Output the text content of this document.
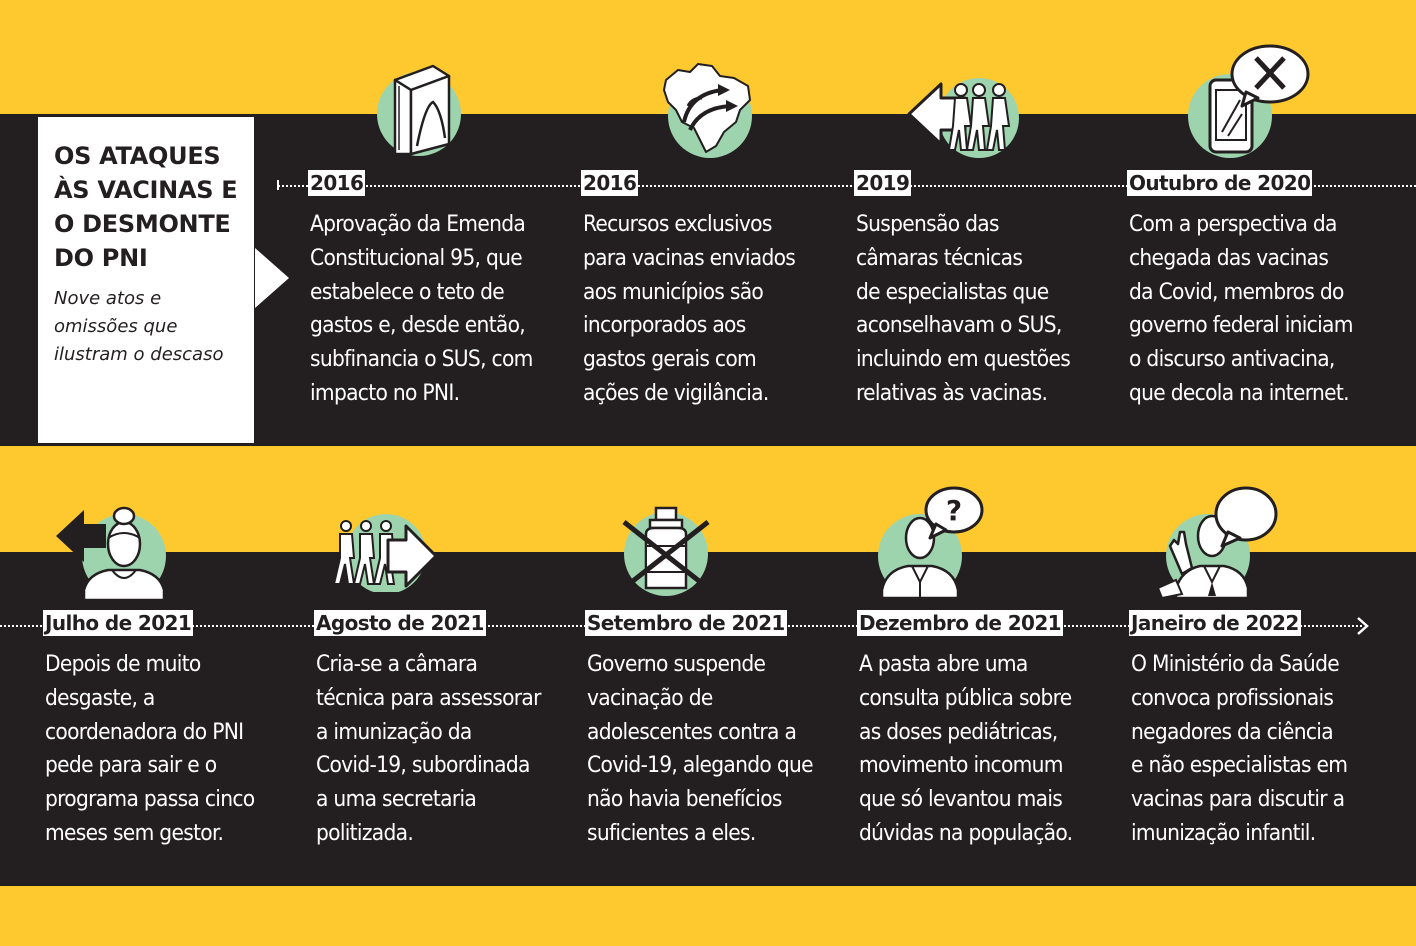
OS ATAQUES
ÀS VACINAS E
O DESMONTE
DO PNI

Nove atos e
omissões que
ilustram o descaso

?
2016

Aprovação da Emenda
Constitucional 95, que
estabelece o teto de
gastos e, desde então,
subfinancia o SUS, com
impacto no PNI.

2016

Recursos exclusivos
para vacinas enviados
aos municípios são
incorporados aos
gastos gerais com
ações de vigilância.

2019

Suspensão das
câmaras técnicas
de especialistas que
aconselhavam o SUS,
incluindo em questões
relativas às vacinas.

Outubro de 2020

Com a perspectiva da
chegada das vacinas
da Covid, membros do
governo federal iniciam
o discurso antivacina,
que decola na internet.

Julho de 2021

Depois de muito
desgaste, a
coordenadora do PNI
pede para sair e o
programa passa cinco
meses sem gestor.

Agosto de 2021

Cria-se a câmara
técnica para assessorar
a imunização da
Covid-19, subordinada
a uma secretaria
politizada.

Setembro de 2021

Governo suspende
vacinação de
adolescentes contra a
Covid-19, alegando que
não havia benefícios
suficientes a eles.

Dezembro de 2021

A pasta abre uma
consulta pública sobre
as doses pediátricas,
movimento incomum
que só levantou mais
dúvidas na população.

Janeiro de 2022

O Ministério da Saúde
convoca profissionais
negadores da ciência
e não especialistas em
vacinas para discutir a
imunização infantil.
